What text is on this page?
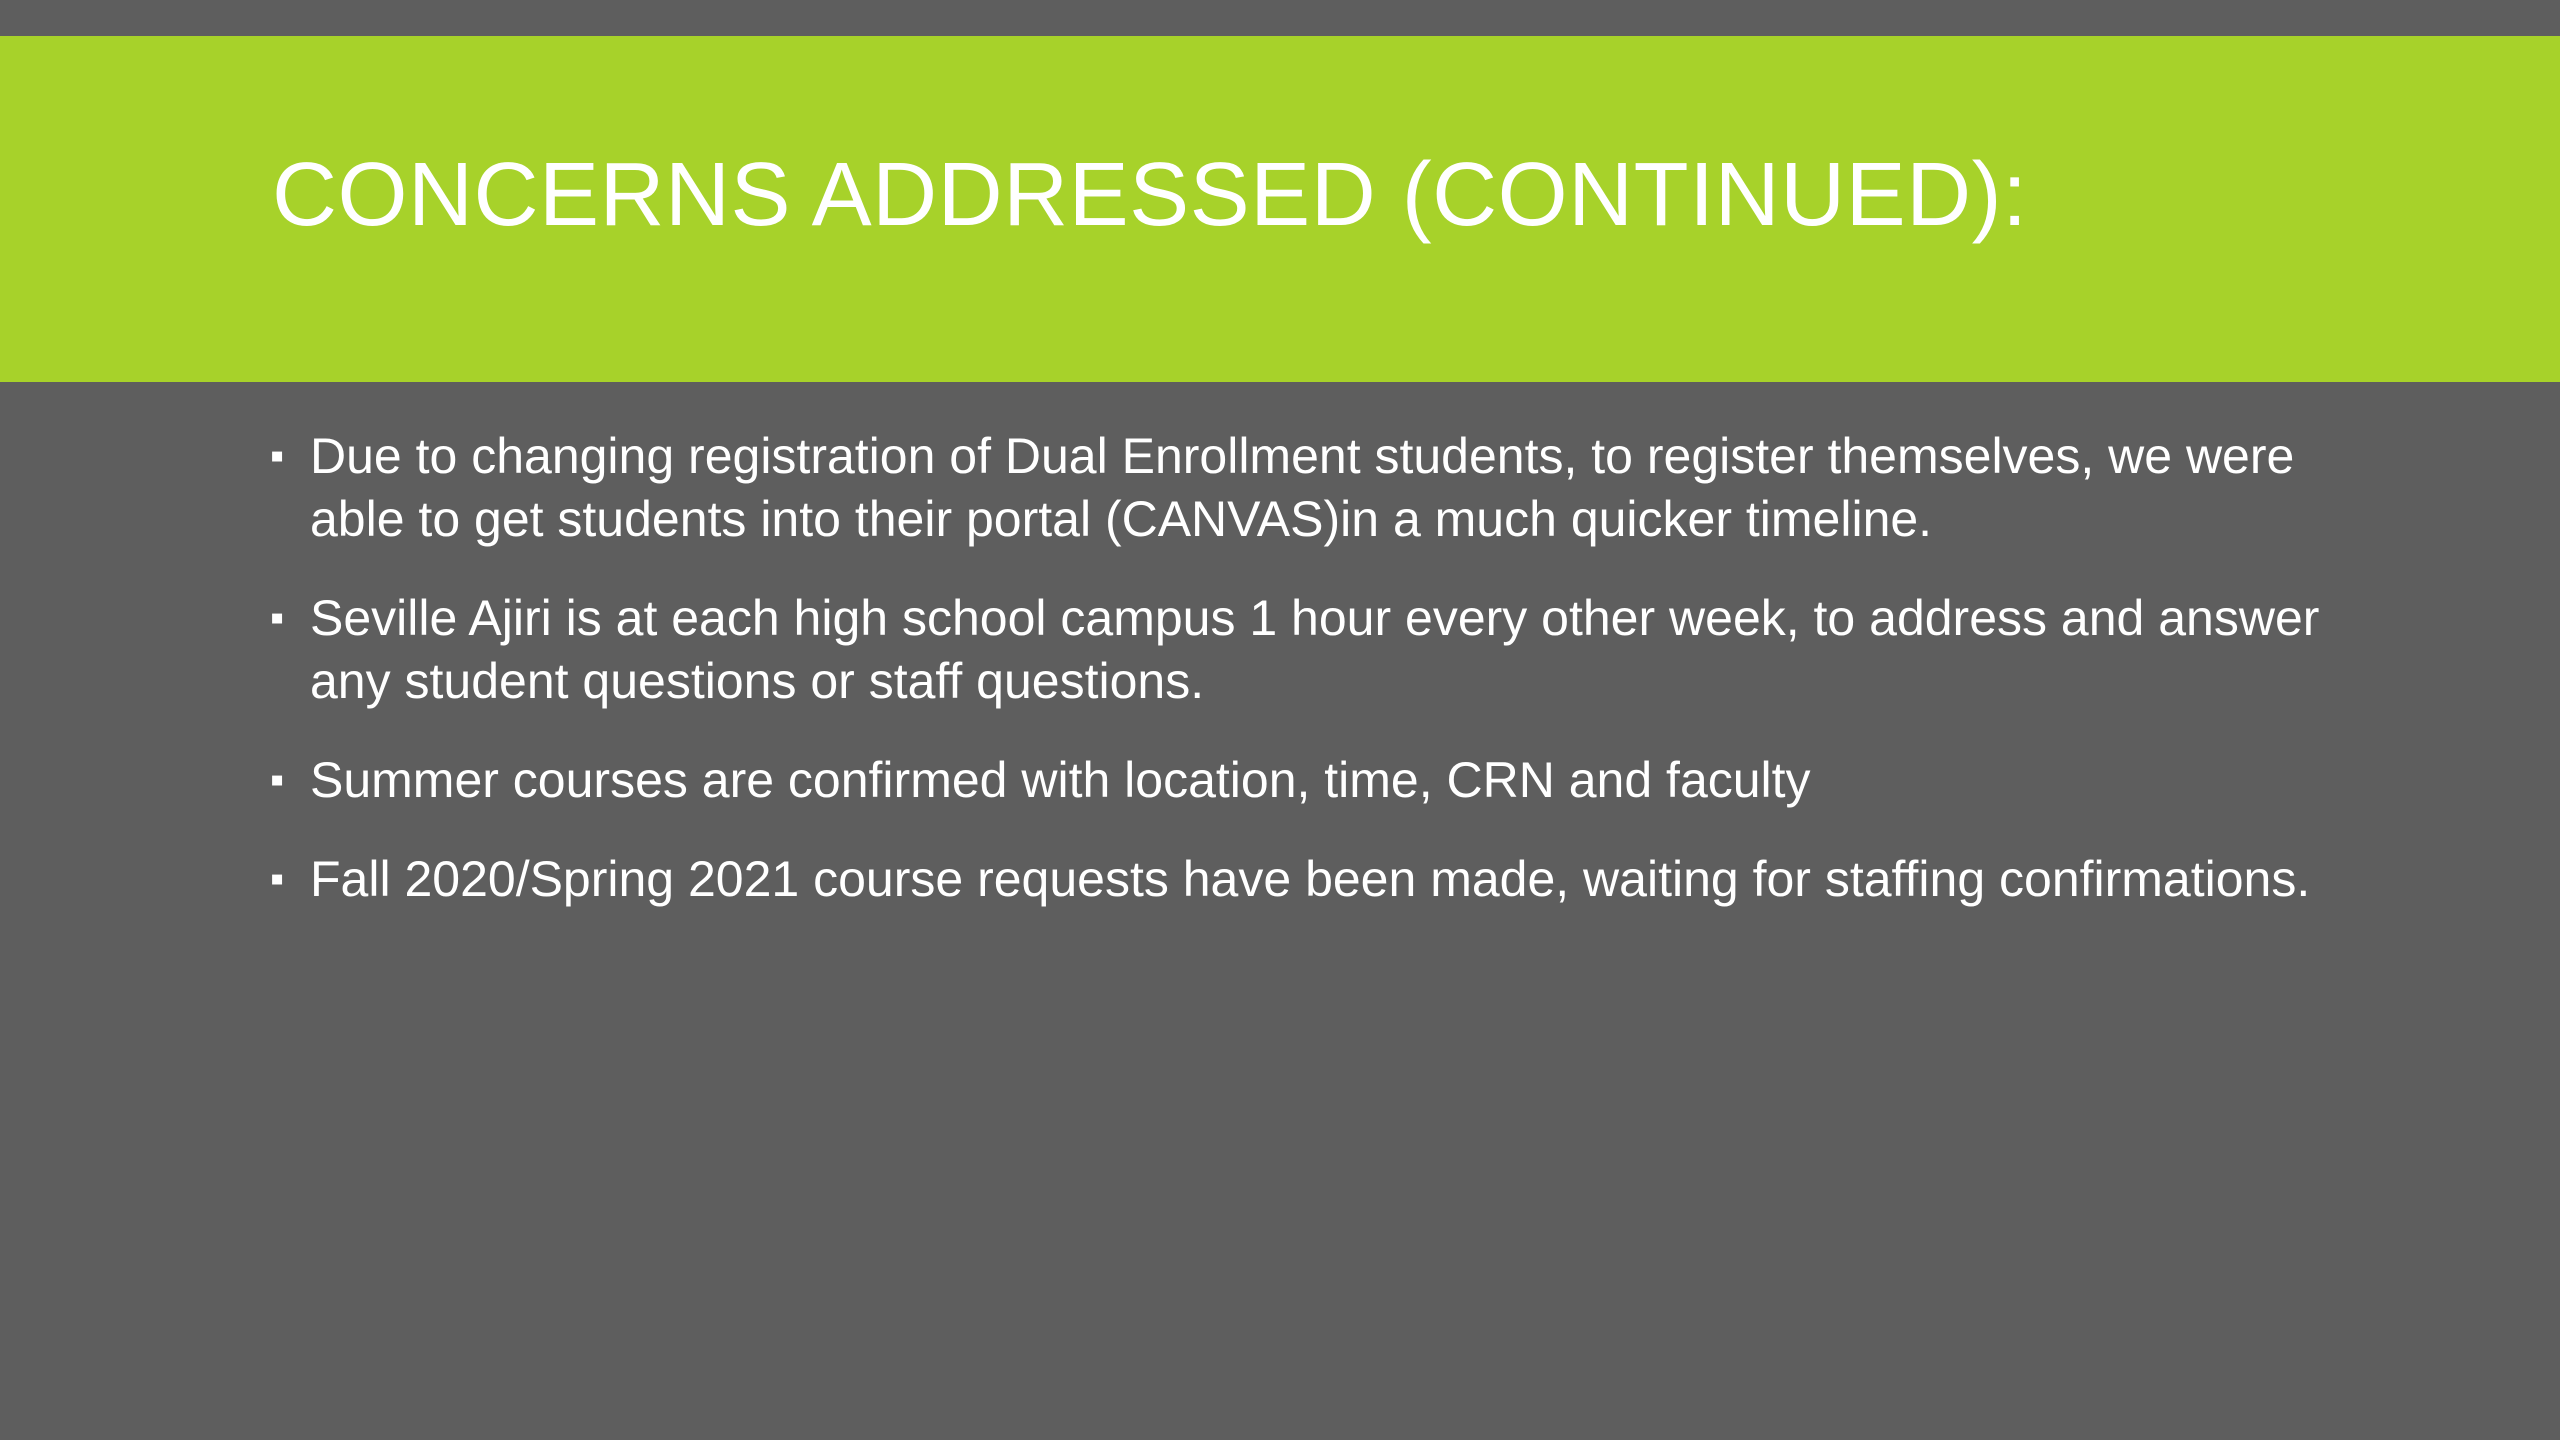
CONCERNS ADDRESSED (CONTINUED):
▪ Due to changing registration of Dual Enrollment students, to register themselves, we were able to get students into their portal (CANVAS)in a much quicker timeline.
▪ Seville Ajiri is at each high school campus 1 hour every other week, to address and answer any student questions or staff questions.
▪ Summer courses are confirmed with location, time, CRN and faculty
▪ Fall 2020/Spring 2021 course requests have been made, waiting for staffing confirmations.
